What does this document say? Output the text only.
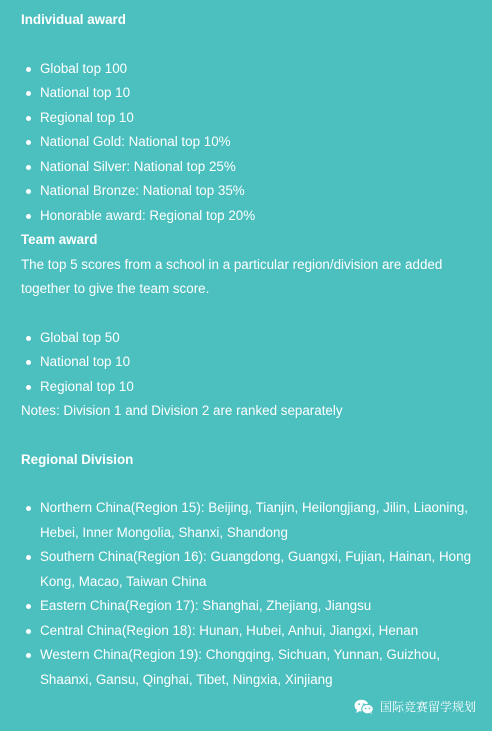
Individual award

Global top 100
National top 10
Regional top 10
National Gold: National top 10%
National Silver: National top 25%
National Bronze: National top 35%
Honorable award: Regional top 20%

Team award

The top 5 scores from a school in a particular region/division are added together to give the team score.

Global top 50
National top 10
Regional top 10

Notes: Division 1 and Division 2 are ranked separately

Regional Division

Northern China(Region 15): Beijing, Tianjin, Heilongjiang, Jilin, Liaoning, Hebei, Inner Mongolia, Shanxi, Shandong
Southern China(Region 16): Guangdong, Guangxi, Fujian, Hainan, Hong Kong, Macao, Taiwan China
Eastern China(Region 17): Shanghai, Zhejiang, Jiangsu
Central China(Region 18): Hunan, Hubei, Anhui, Jiangxi, Henan
Western China(Region 19): Chongqing, Sichuan, Yunnan, Guizhou, Shaanxi, Gansu, Qinghai, Tibet, Ningxia, Xinjiang
国际竞赛留学规划
